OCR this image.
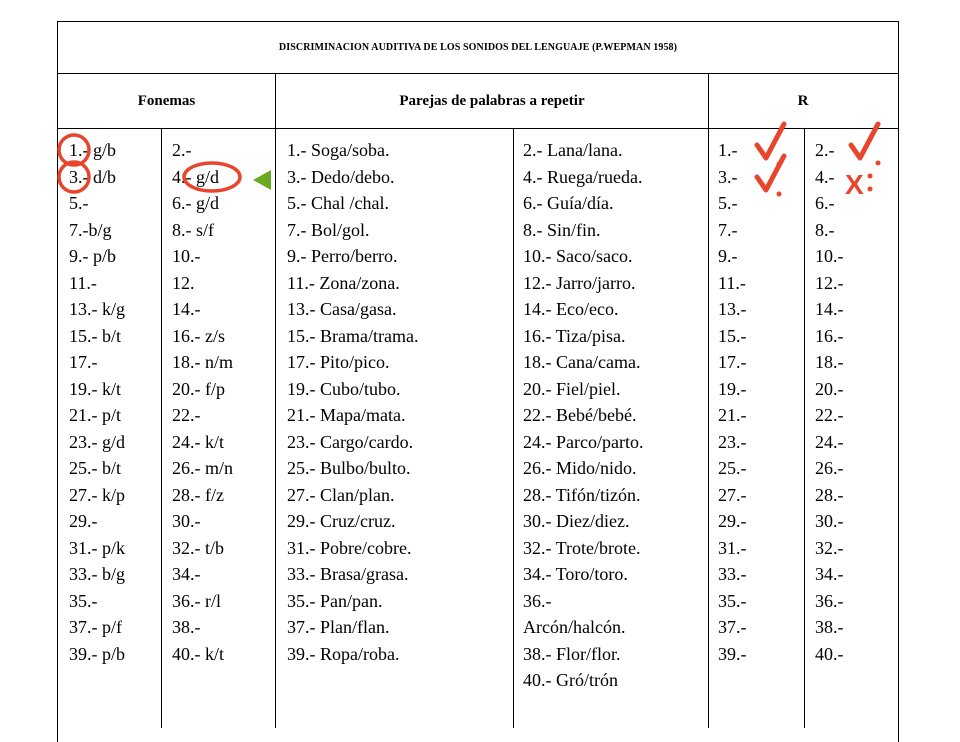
DISCRIMINACION AUDITIVA DE LOS SONIDOS DEL LENGUAJE (P.WEPMAN 1958)
Fonemas	Parejas de palabras a repetir	R
1.- g/b
3.- d/b
5.-
7.-b/g
9.- p/b
11.-
13.- k/g
15.- b/t
17.-
19.- k/t
21.- p/t
23.- g/d
25.- b/t
27.- k/p
29.-
31.- p/k
33.- b/g
35.-
37.- p/f
39.- p/b
2.-
4.- g/d
6.- g/d
8.- s/f
10.-
12.
14.-
16.- z/s
18.- n/m
20.- f/p
22.-
24.- k/t
26.- m/n
28.- f/z
30.-
32.- t/b
34.-
36.- r/l
38.-
40.- k/t
1.- Soga/soba.
3.- Dedo/debo.
5.- Chal /chal.
7.- Bol/gol.
9.- Perro/berro.
11.- Zona/zona.
13.- Casa/gasa.
15.- Brama/trama.
17.- Pito/pico.
19.- Cubo/tubo.
21.- Mapa/mata.
23.- Cargo/cardo.
25.- Bulbo/bulto.
27.- Clan/plan.
29.- Cruz/cruz.
31.- Pobre/cobre.
33.- Brasa/grasa.
35.- Pan/pan.
37.- Plan/flan.
39.- Ropa/roba.
2.- Lana/lana.
4.- Ruega/rueda.
6.- Guía/día.
8.- Sin/fin.
10.- Saco/saco.
12.- Jarro/jarro.
14.- Eco/eco.
16.- Tiza/pisa.
18.- Cana/cama.
20.- Fiel/piel.
22.- Bebé/bebé.
24.- Parco/parto.
26.- Mido/nido.
28.- Tifón/tizón.
30.- Diez/diez.
32.- Trote/brote.
34.- Toro/toro.
36.-
Arcón/halcón.
38.- Flor/flor.
40.- Gró/trón
1.-
3.-
5.-
7.-
9.-
11.-
13.-
15.-
17.-
19.-
21.-
23.-
25.-
27.-
29.-
31.-
33.-
35.-
37.-
39.-
2.-
4.-
6.-
8.-
10.-
12.-
14.-
16.-
18.-
20.-
22.-
24.-
26.-
28.-
30.-
32.-
34.-
36.-
38.-
40.-
X
